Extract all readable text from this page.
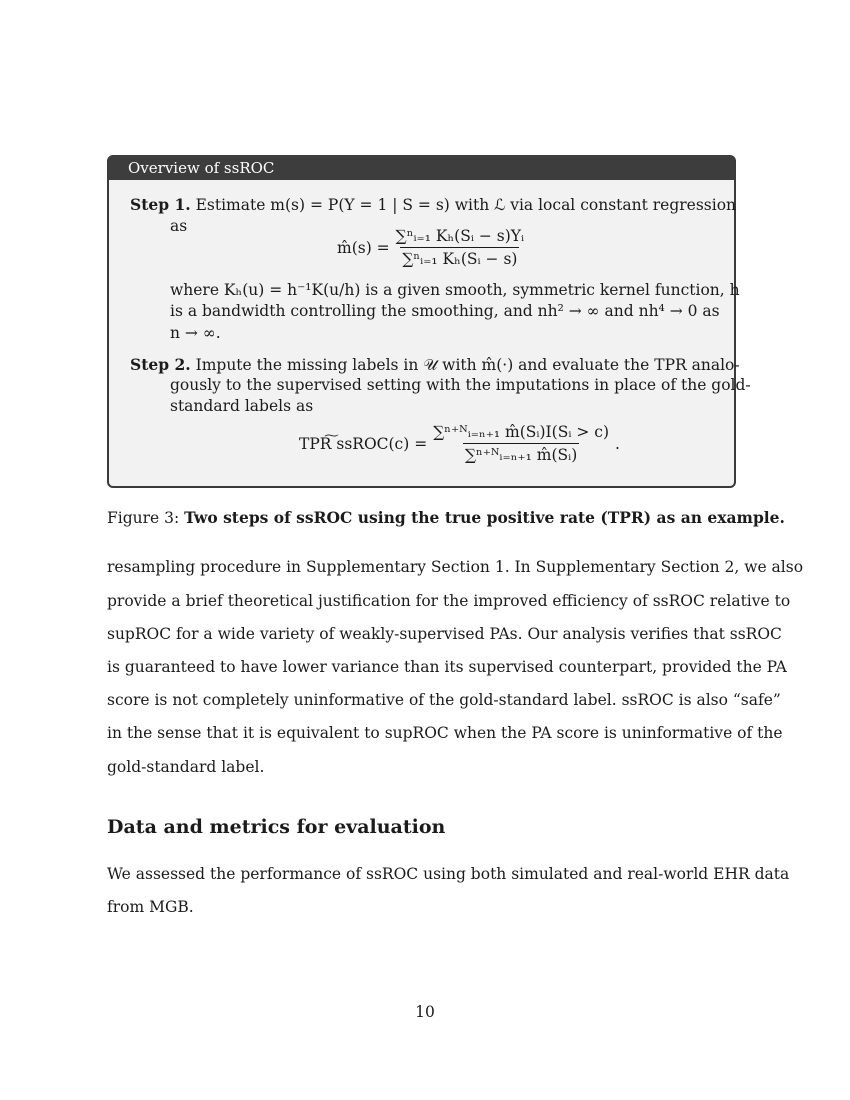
Overview of ssROC
Step 1. Estimate m(s) = P(Y = 1 | S = s) with ℒ via local constant regression
as
m̂(s) = $\frac{\text{∑ⁿᵢ₌₁ Kₕ(Sᵢ − s)Yᵢ}}{\text{∑ⁿᵢ₌₁ Kₕ(Sᵢ − s)}}$
where Kₕ(u) = h⁻¹K(u/h) is a given smooth, symmetric kernel function, h
is a bandwidth controlling the smoothing, and nh² → ∞ and nh⁴ → 0 as
n → ∞.
Step 2. Impute the missing labels in 𝒰 with m̂(·) and evaluate the TPR analo-
gously to the supervised setting with the imputations in place of the gold-
standard labels as
TPR͠ ssROC(c) = $\frac{\text{∑ⁿ⁺ᴺᵢ₌ₙ₊₁ m̂(Sᵢ)I(Sᵢ > c)}}{\text{∑ⁿ⁺ᴺᵢ₌ₙ₊₁ m̂(Sᵢ)}}$ .
Figure 3: Two steps of ssROC using the true positive rate (TPR) as an example.
resampling procedure in Supplementary Section 1. In Supplementary Section 2, we also
provide a brief theoretical justification for the improved efficiency of ssROC relative to
supROC for a wide variety of weakly-supervised PAs. Our analysis verifies that ssROC
is guaranteed to have lower variance than its supervised counterpart, provided the PA
score is not completely uninformative of the gold-standard label. ssROC is also “safe”
in the sense that it is equivalent to supROC when the PA score is uninformative of the
gold-standard label.
Data and metrics for evaluation
We assessed the performance of ssROC using both simulated and real-world EHR data
from MGB.
10
